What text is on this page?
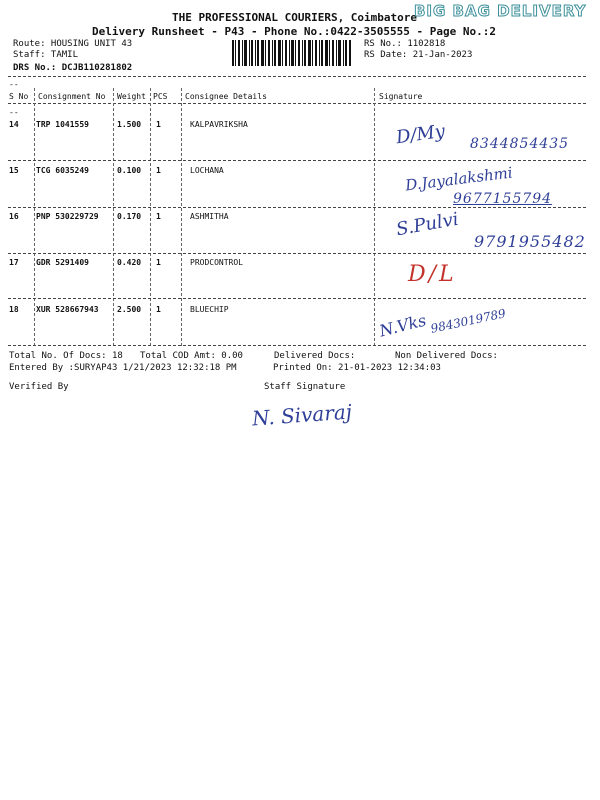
THE PROFESSIONAL COURIERS, Coimbatore
BIG BAG DELIVERY
Delivery Runsheet - P43 - Phone No.:0422-3505555 - Page No.:2
Route: HOUSING UNIT 43
Staff: TAMIL
DRS No.: DCJB110281802
RS No.: 1102818
RS Date: 21-Jan-2023
--
S No Consignment No Weight PCS Consignee Details	Signature
--
14 TRP 1041559	1.500 1	KALPAVRIKSHA	D/My 8344854435
15 TCG 6035249	0.100 1	LOCHANA	D.Jayalakshmi
9677155794
16 PNP 530229729 0.170 1	ASHMITHA	S.Pulvi
9791955482
17 GDR 5291409	0.420 1	PRODCONTROL	D/L
18 XUR 528667943 2.500 1	BLUECHIP
N.Vks 9843019789
Total No. Of Docs: 18 Total COD Amt: 0.00	Delivered Docs:	Non Delivered Docs:
Entered By :SURYAP43 1/21/2023 12:32:18 PM	Printed On: 21-01-2023 12:34:03
Verified By	Staff Signature
N. Sivaraj
